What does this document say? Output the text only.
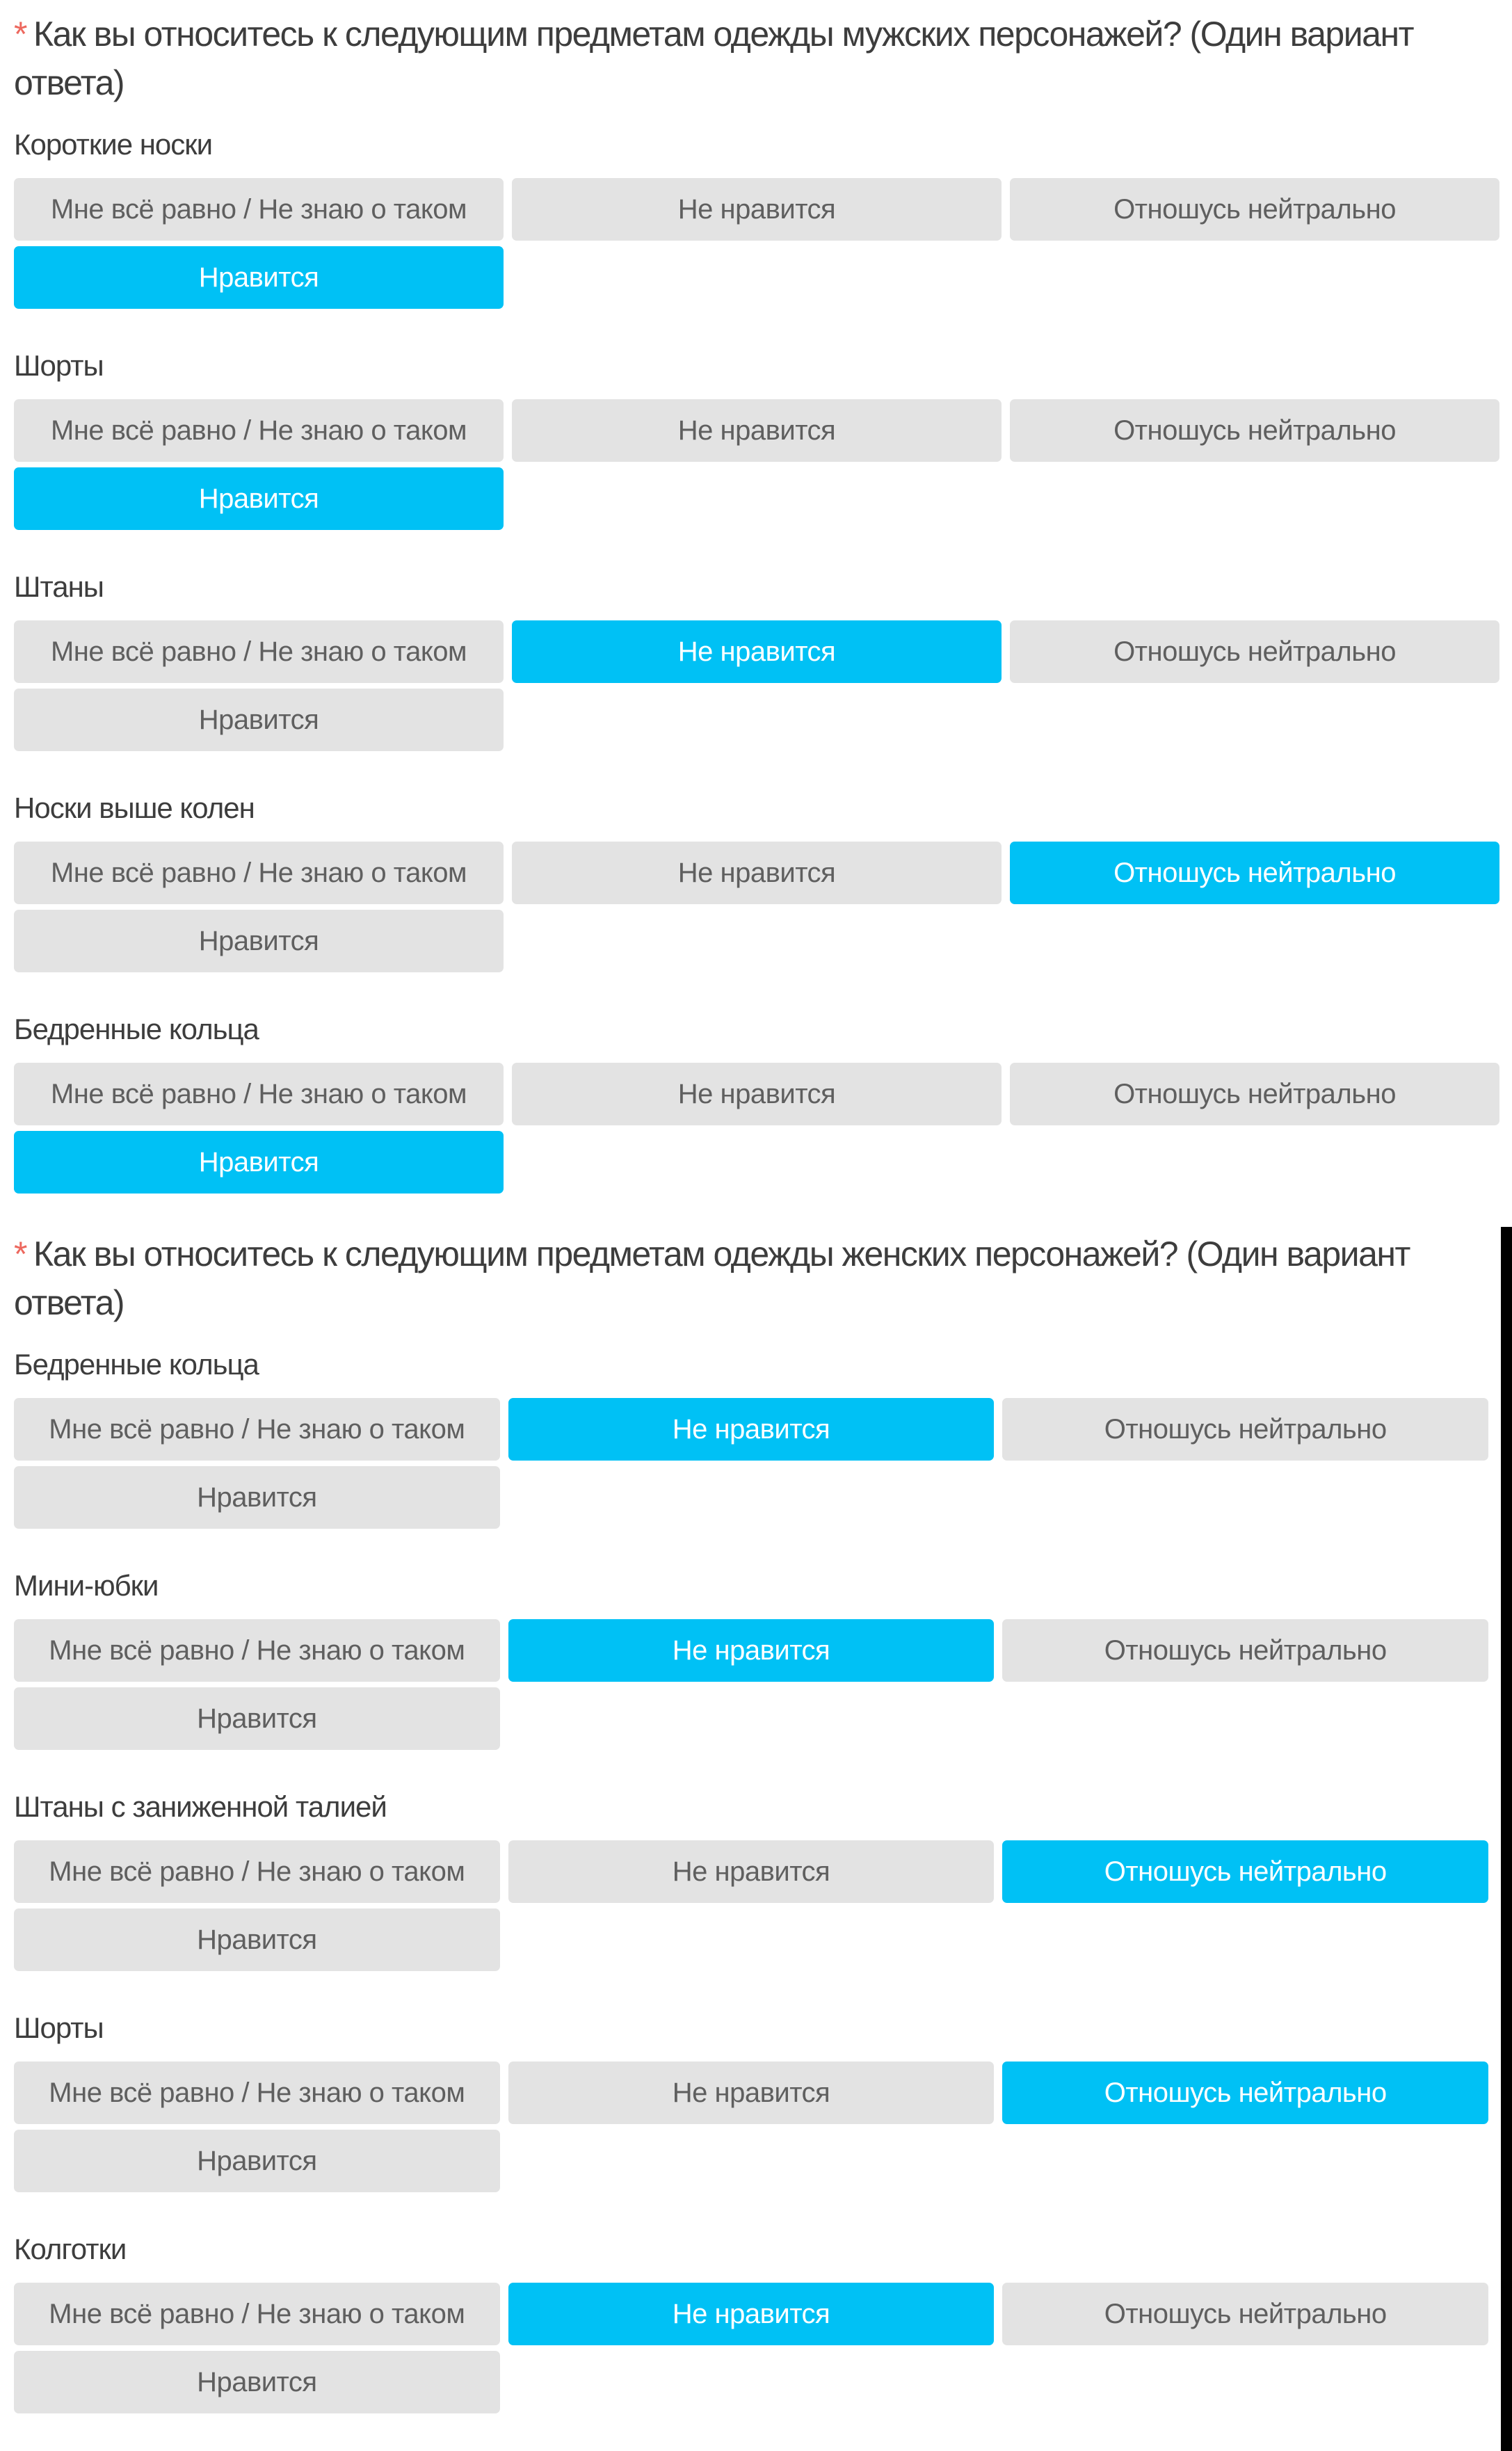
* Как вы относитесь к следующим предметам одежды мужских персонажей? (Один вариант ответа)
Короткие носки
Мне всё равно / Не знаю о таком	Не нравится	Отношусь нейтрально
Нравится
Шорты
Мне всё равно / Не знаю о таком	Не нравится	Отношусь нейтрально
Нравится
Штаны
Мне всё равно / Не знаю о таком	Не нравится	Отношусь нейтрально
Нравится
Носки выше колен
Мне всё равно / Не знаю о таком	Не нравится	Отношусь нейтрально
Нравится
Бедренные кольца
Мне всё равно / Не знаю о таком	Не нравится	Отношусь нейтрально
Нравится
* Как вы относитесь к следующим предметам одежды женских персонажей? (Один вариант ответа)
Бедренные кольца
Мне всё равно / Не знаю о таком	Не нравится	Отношусь нейтрально
Нравится
Мини-юбки
Мне всё равно / Не знаю о таком	Не нравится	Отношусь нейтрально
Нравится
Штаны с заниженной талией
Мне всё равно / Не знаю о таком	Не нравится	Отношусь нейтрально
Нравится
Шорты
Мне всё равно / Не знаю о таком	Не нравится	Отношусь нейтрально
Нравится
Колготки
Мне всё равно / Не знаю о таком	Не нравится	Отношусь нейтрально
Нравится
